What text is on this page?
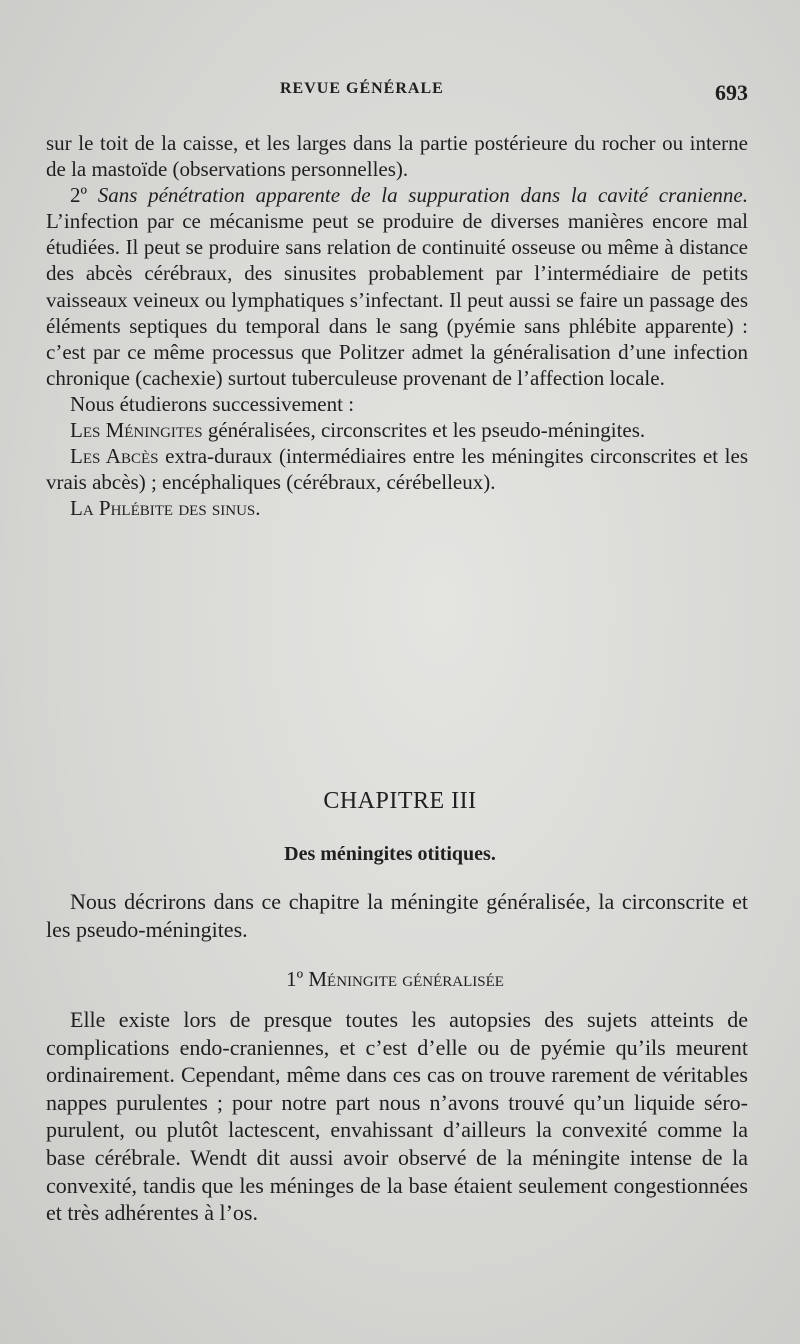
REVUE GÉNÉRALE	693

sur le toit de la caisse, et les larges dans la partie postérieure du rocher ou interne de la mastoïde (observations personnelles).

2º Sans pénétration apparente de la suppuration dans la cavité cranienne. L’infection par ce mécanisme peut se produire de diverses manières encore mal étudiées. Il peut se produire sans relation de continuité osseuse ou même à distance des abcès cérébraux, des sinusites probablement par l’intermédiaire de petits vaisseaux veineux ou lymphatiques s’infectant. Il peut aussi se faire un passage des éléments septiques du temporal dans le sang (pyémie sans phlébite apparente) : c’est par ce même processus que Politzer admet la généralisation d’une infection chronique (cachexie) surtout tuberculeuse provenant de l’affection locale.

Nous étudierons successivement :

Les Méningites généralisées, circonscrites et les pseudo-méningites.

Les Abcès extra-duraux (intermédiaires entre les méningites circonscrites et les vrais abcès) ; encéphaliques (cérébraux, cérébelleux).

La Phlébite des sinus.

CHAPITRE III
Des méningites otitiques.

Nous décrirons dans ce chapitre la méningite généralisée, la circonscrite et les pseudo-méningites.

1º Méningite généralisée

Elle existe lors de presque toutes les autopsies des sujets atteints de complications endo-craniennes, et c’est d’elle ou de pyémie qu’ils meurent ordinairement. Cependant, même dans ces cas on trouve rarement de véritables nappes purulentes ; pour notre part nous n’avons trouvé qu’un liquide séro-purulent, ou plutôt lactescent, envahissant d’ailleurs la convexité comme la base cérébrale. Wendt dit aussi avoir observé de la méningite intense de la convexité, tandis que les méninges de la base étaient seulement congestionnées et très adhérentes à l’os.
